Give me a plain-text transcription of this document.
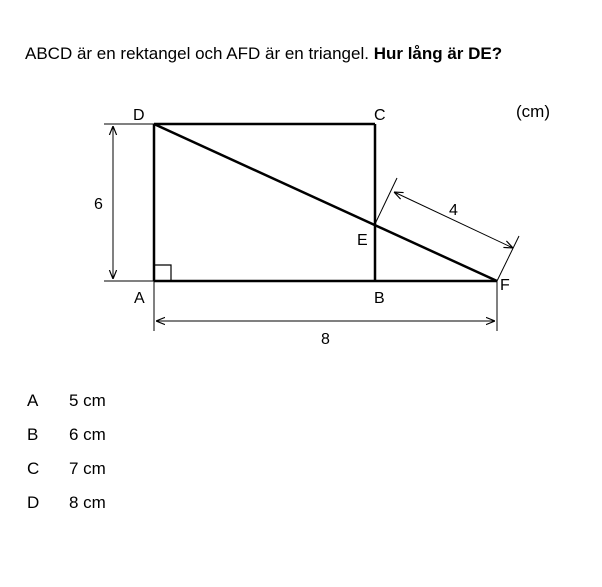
ABCD är en rektangel och AFD är en triangel. Hur lång är DE?
(cm)
D	C
A	B
E
F
6
8
4
A	5 cm
B	6 cm
C	7 cm
D	8 cm
